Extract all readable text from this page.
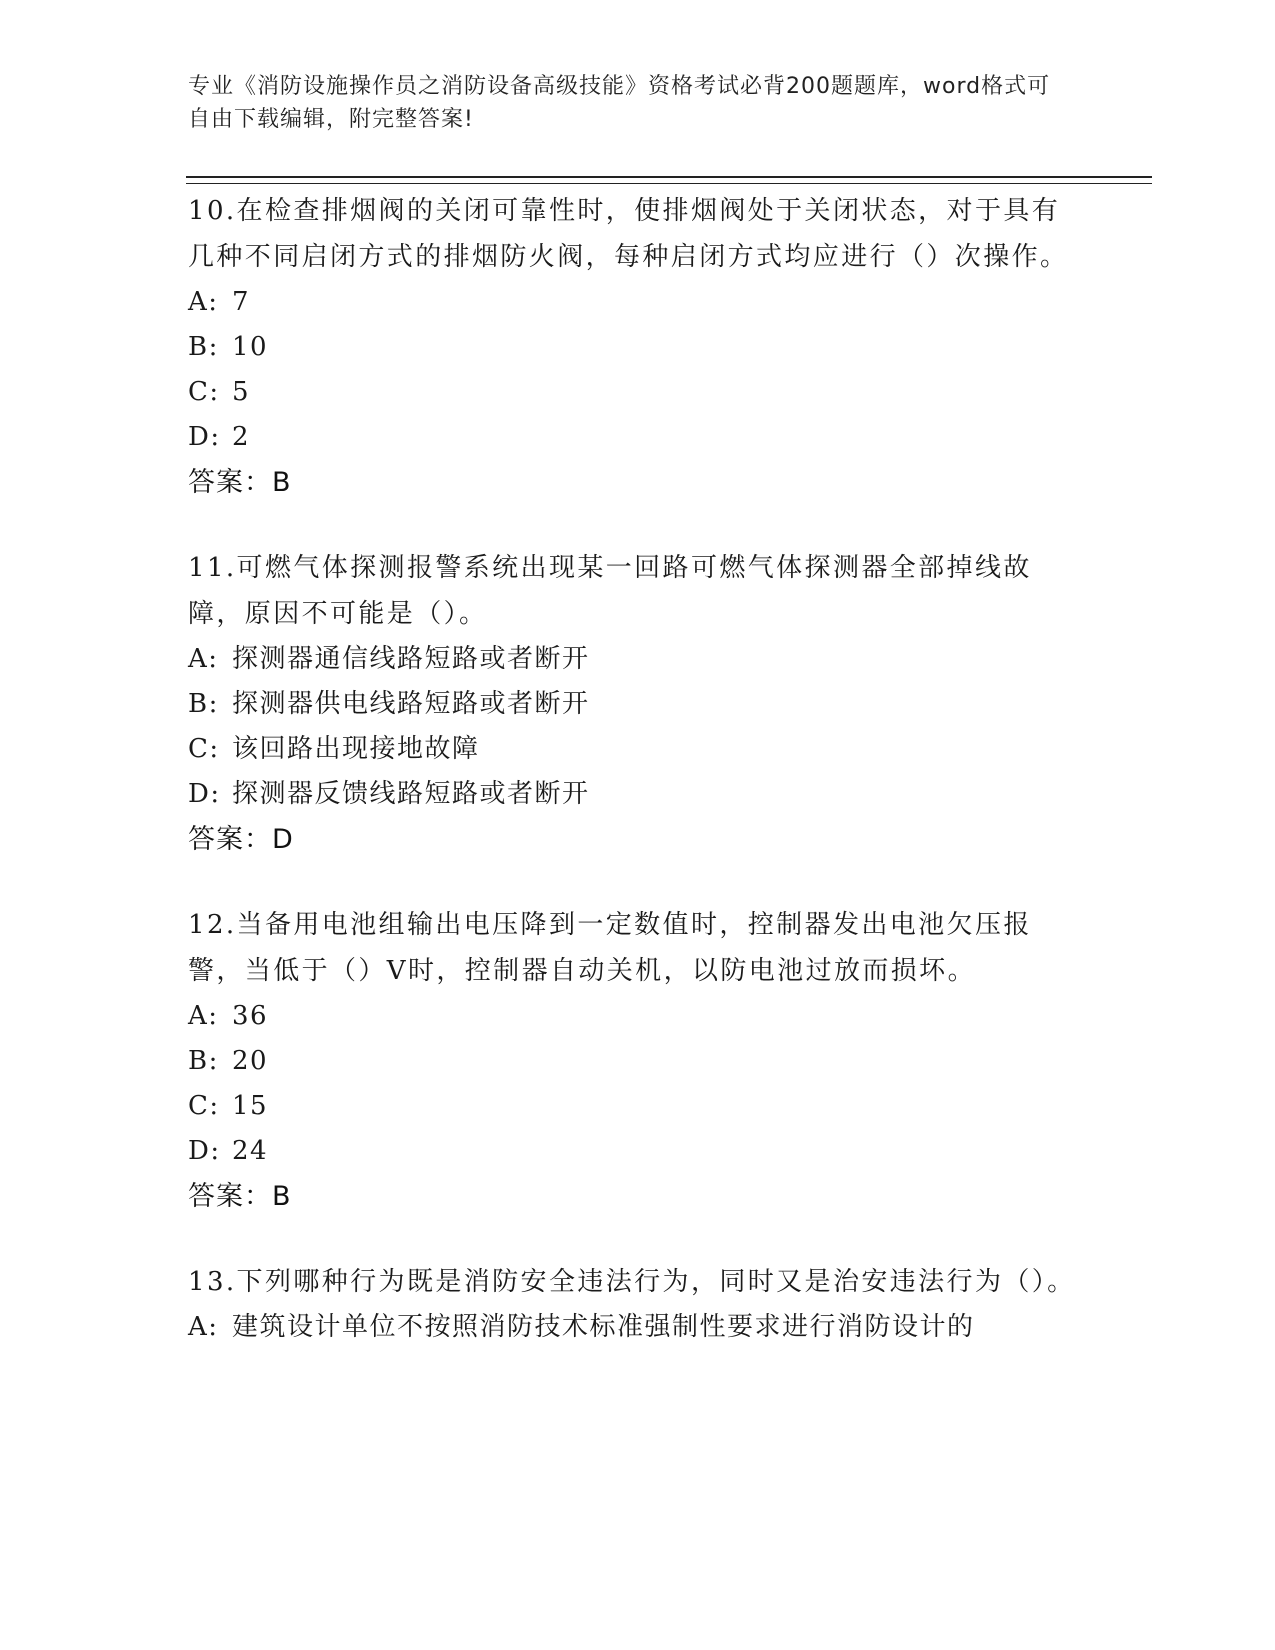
专业《消防设施操作员之消防设备高级技能》资格考试必背200题题库，word格式可自由下载编辑，附完整答案!
10.在检查排烟阀的关闭可靠性时，使排烟阀处于关闭状态，对于具有几种不同启闭方式的排烟防火阀，每种启闭方式均应进行（）次操作。
A: 7
B: 10
C: 5
D: 2
答案：B
11.可燃气体探测报警系统出现某一回路可燃气体探测器全部掉线故障，原因不可能是（）。
A: 探测器通信线路短路或者断开
B: 探测器供电线路短路或者断开
C: 该回路出现接地故障
D: 探测器反馈线路短路或者断开
答案：D
12.当备用电池组输出电压降到一定数值时，控制器发出电池欠压报警，当低于（）V时，控制器自动关机，以防电池过放而损坏。
A: 36
B: 20
C: 15
D: 24
答案：B
13.下列哪种行为既是消防安全违法行为，同时又是治安违法行为（）。
A: 建筑设计单位不按照消防技术标准强制性要求进行消防设计的
